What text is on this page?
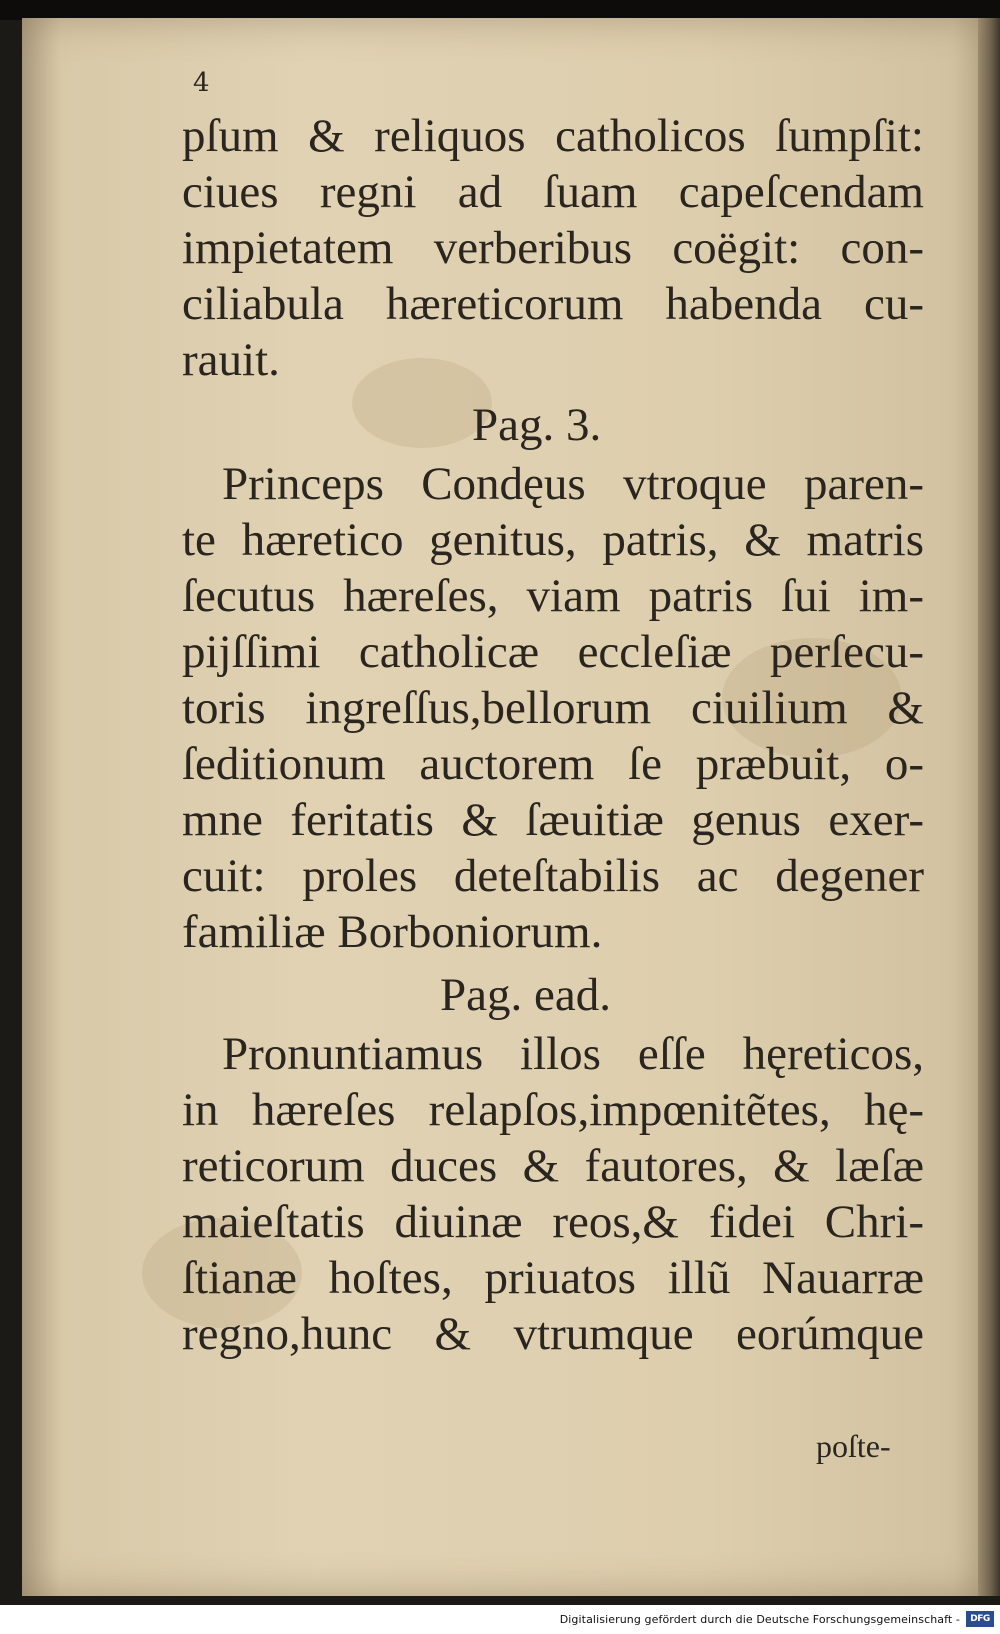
4
pſum & reliquos catholicos ſumpſit:
ciues regni ad ſuam capeſcendam
impietatem verberibus coëgit: con-
ciliabula hæreticorum habenda cu-
rauit.
Pag. 3.
Princeps Condęus vtroque paren-
te hæretico genitus, patris, & matris
ſecutus hæreſes, viam patris ſui im-
pijſſimi catholicæ eccleſiæ perſecu-
toris ingreſſus,bellorum ciuilium &
ſeditionum auctorem ſe præbuit, o-
mne feritatis & ſæuitiæ genus exer-
cuit: proles deteſtabilis ac degener
familiæ Borboniorum.
Pag. ead.
Pronuntiamus illos eſſe hęreticos,
in hæreſes relapſos,impœnitẽtes, hę-
reticorum duces & fautores, & læſæ
maieſtatis diuinæ reos,& fidei Chri-
ſtianæ hoſtes, priuatos illũ Nauarræ
regno,hunc & vtrumque eorúmque
poſte-
Digitalisierung gefördert durch die Deutsche Forschungsgemeinschaft -	DFG
